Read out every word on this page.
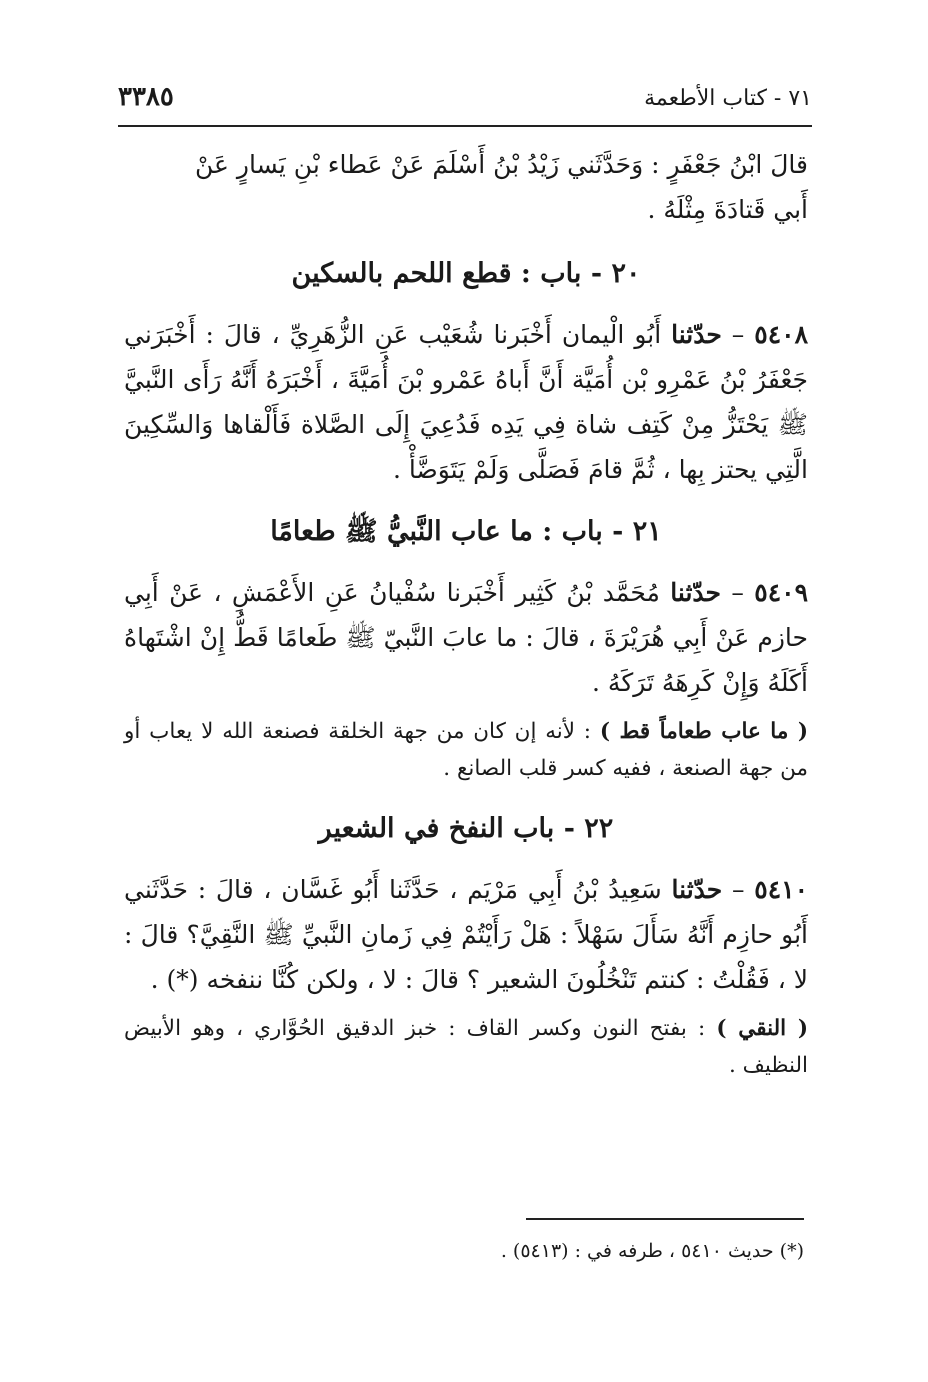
٧١ - كتاب الأطعمة
٣٣٨٥

قالَ ابْنُ جَعْفَرٍ : وَحَدَّثَني زَيْدُ بْنُ أَسْلَمَ عَنْ عَطاء بْنِ يَسارٍ عَنْ
أَبي قَتادَةَ مِثْلَهُ .

٢٠ - باب : قطع اللحم بالسكين

٥٤٠٨ – حدّثنا أَبُو الْيمان أَخْبَرنا شُعَيْب عَنِ الزُّهَرِيِّ ، قالَ : أَخْبَرَني جَعْفَرُ بْنُ عَمْرِو بْن أُمَيَّة أَنَّ أَباهُ عَمْرو بْنَ أُمَيَّةَ ، أَخْبَرَهُ أَنَّهُ رَأَى النَّبيَّ ﷺ يَحْتَزُّ مِنْ كَتِف شاة فِي يَدِه فَدُعِيَ إِلَى الصَّلاة فَأَلْقاها وَالسِّكِينَ الَّتِي يحتز بِها ، ثُمَّ قامَ فَصَلَّى وَلَمْ يَتَوَضَّأْ .

٢١ - باب : ما عاب النَّبيُّ ﷺ طعامًا

٥٤٠٩ – حدّثنا مُحَمَّد بْنُ كَثِير أَخْبَرنا سُفْيانُ عَنِ الأَعْمَشِ ، عَنْ أَبِي حازم عَنْ أَبِي هُرَيْرَةَ ، قالَ : ما عابَ النَّبيّ ﷺ طَعامًا قَطُّ إِنْ اشْتَهاهُ أَكَلَهُ وَإِنْ كَرِهَهُ تَرَكَهُ .

( ما عاب طعاماً قط ) : لأنه إن كان من جهة الخلقة فصنعة الله لا يعاب أو من جهة الصنعة ، ففيه كسر قلب الصانع .

٢٢ - باب النفخ في الشعير

٥٤١٠ – حدّثنا سَعِيدُ بْنُ أَبِي مَرْيَم ، حَدَّثَنا أَبُو غَسَّان ، قالَ : حَدَّثَني أَبُو حازِم أَنَّهُ سَأَلَ سَهْلاً : هَلْ رَأَيْتُمْ فِي زَمانِ النَّبيِّ ﷺ النَّقِيَّ؟ قالَ : لا ، فَقُلْتُ : كنتم تَنْخُلُونَ الشعير ؟ قالَ : لا ، ولكن كُنَّا ننفخه (*) .

( النقي ) : بفتح النون وكسر القاف : خبز الدقيق الحُوَّاري ، وهو الأبيض النظيف .

(*) حديث ٥٤١٠ ، طرفه في : (٥٤١٣) .
